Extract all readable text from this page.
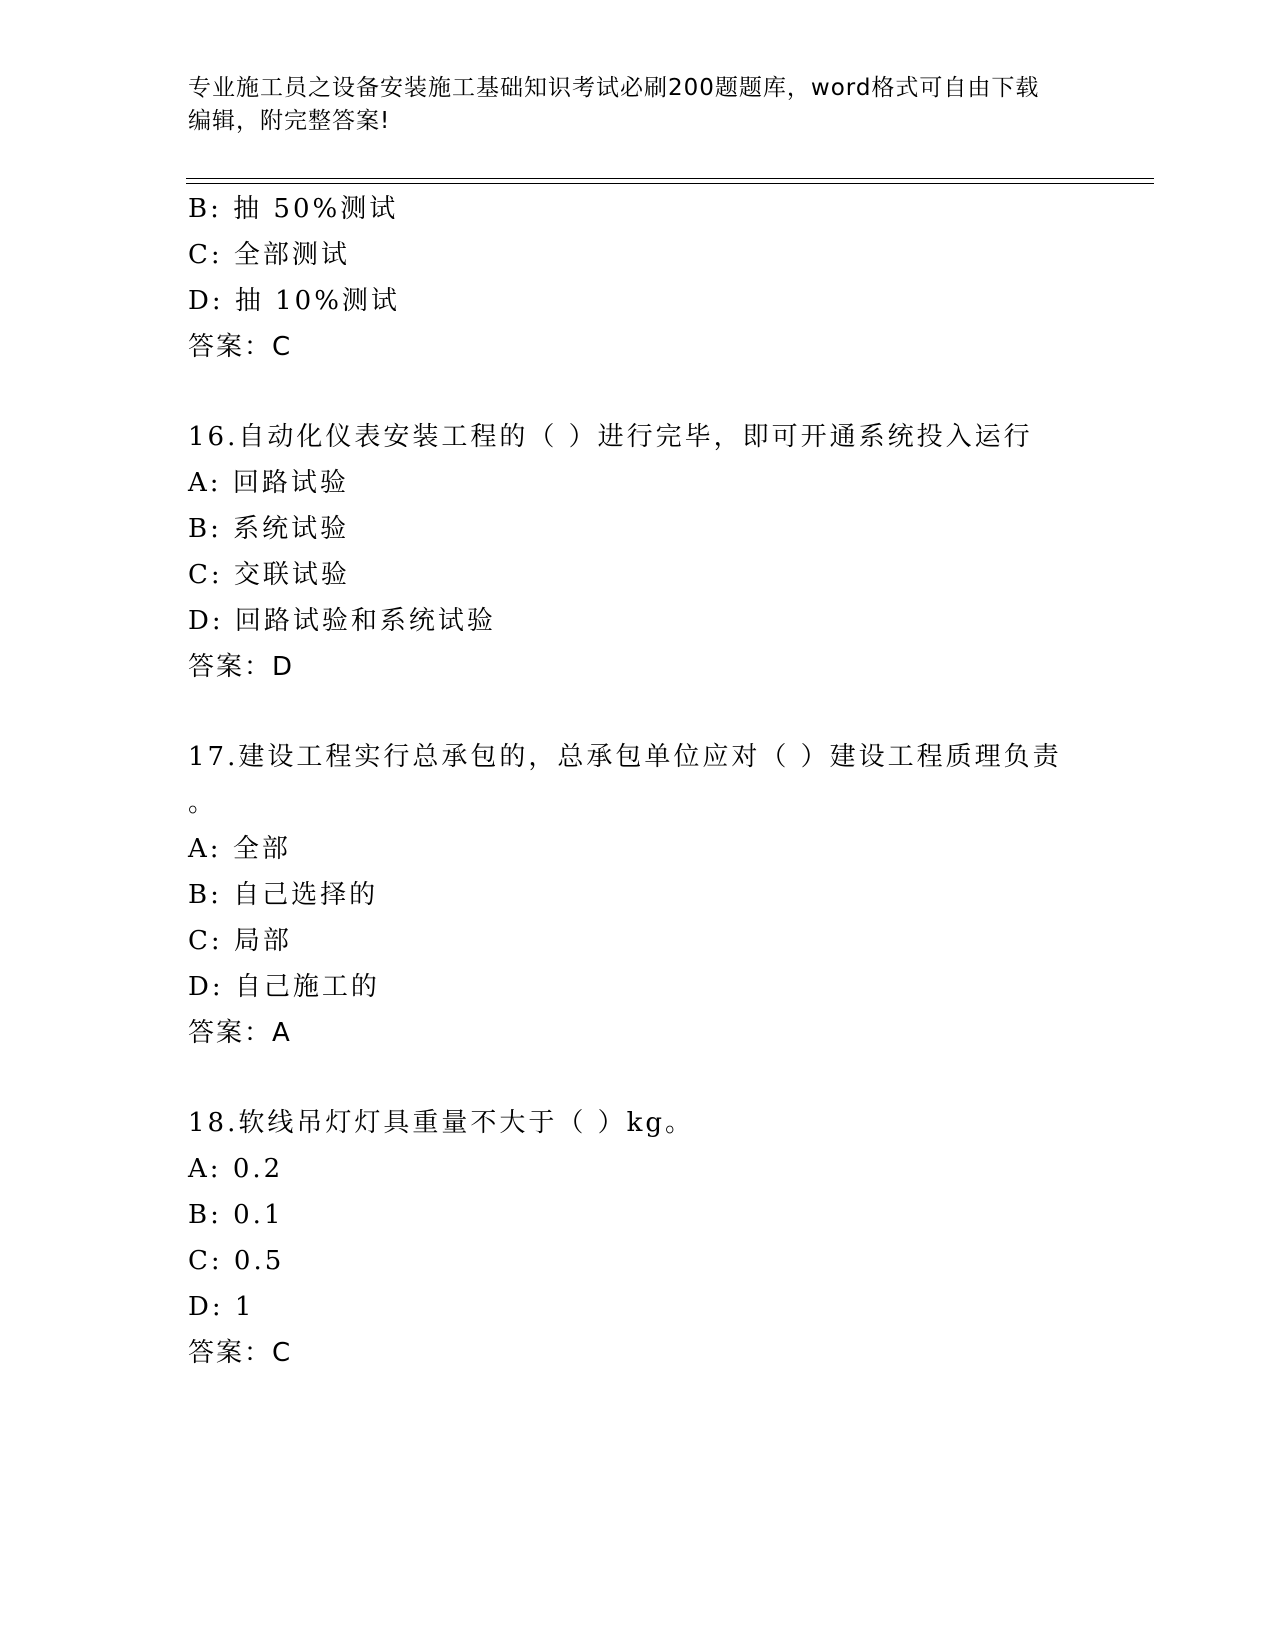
专业施工员之设备安装施工基础知识考试必刷200题题库，word格式可自由下载
编辑，附完整答案!
B: 抽 50%测试
C: 全部测试
D: 抽 10%测试
答案：C
16.自动化仪表安装工程的（ ）进行完毕，即可开通系统投入运行
A: 回路试验
B: 系统试验
C: 交联试验
D: 回路试验和系统试验
答案：D
17.建设工程实行总承包的，总承包单位应对（ ）建设工程质理负责
。
A: 全部
B: 自己选择的
C: 局部
D: 自己施工的
答案：A
18.软线吊灯灯具重量不大于（ ）kg。
A: 0.2
B: 0.1
C: 0.5
D: 1
答案：C
